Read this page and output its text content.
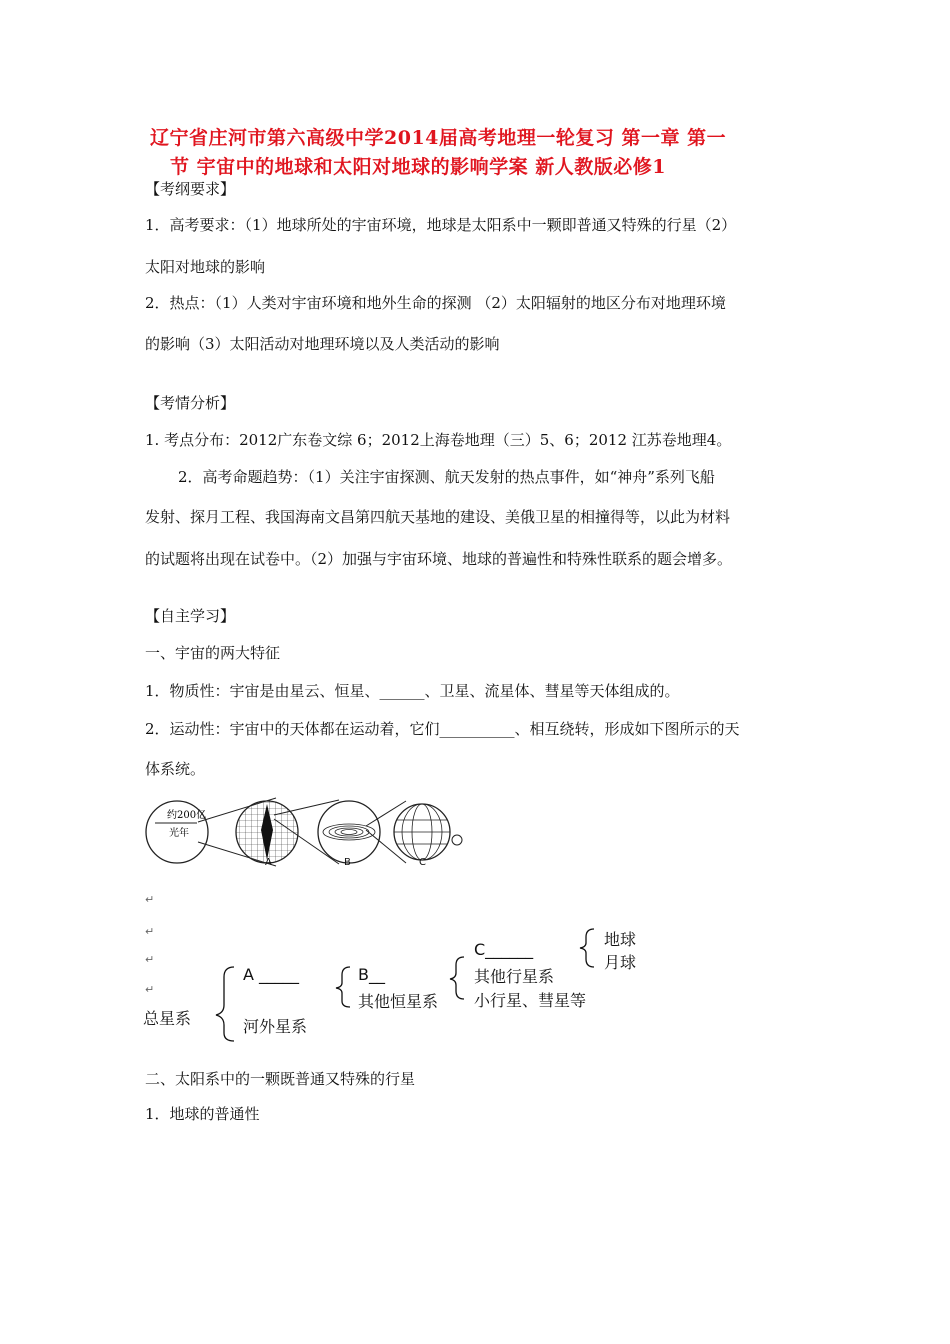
辽宁省庄河市第六高级中学2014届高考地理一轮复习 第一章 第一
节 宇宙中的地球和太阳对地球的影响学案 新人教版必修1
【考纲要求】
1．高考要求：（1）地球所处的宇宙环境，地球是太阳系中一颗即普通又特殊的行星（2）
太阳对地球的影响
2．热点：（1）人类对宇宙环境和地外生命的探测 （2）太阳辐射的地区分布对地理环境
的影响（3）太阳活动对地理环境以及人类活动的影响
【考情分析】
1. 考点分布：2012广东卷文综 6；2012上海卷地理（三）5、6；2012 江苏卷地理4。
2．高考命题趋势：（1）关注宇宙探测、航天发射的热点事件，如“神舟”系列飞船
发射、探月工程、我国海南文昌第四航天基地的建设、美俄卫星的相撞得等，以此为材料
的试题将出现在试卷中。（2）加强与宇宙环境、地球的普遍性和特殊性联系的题会增多。
【自主学习】
一、宇宙的两大特征
1．物质性：宇宙是由星云、恒星、______、卫星、流星体、彗星等天体组成的。
2．运动性：宇宙中的天体都在运动着，它们__________、相互绕转，形成如下图所示的天
体系统。
约200亿
光年
A	B	C
↵
↵
↵
↵
总星系
A _____
河外星系
B__
其他恒星系
C______
其他行星系
小行星、彗星等
地球
月球
二、太阳系中的一颗既普通又特殊的行星
1．地球的普通性
